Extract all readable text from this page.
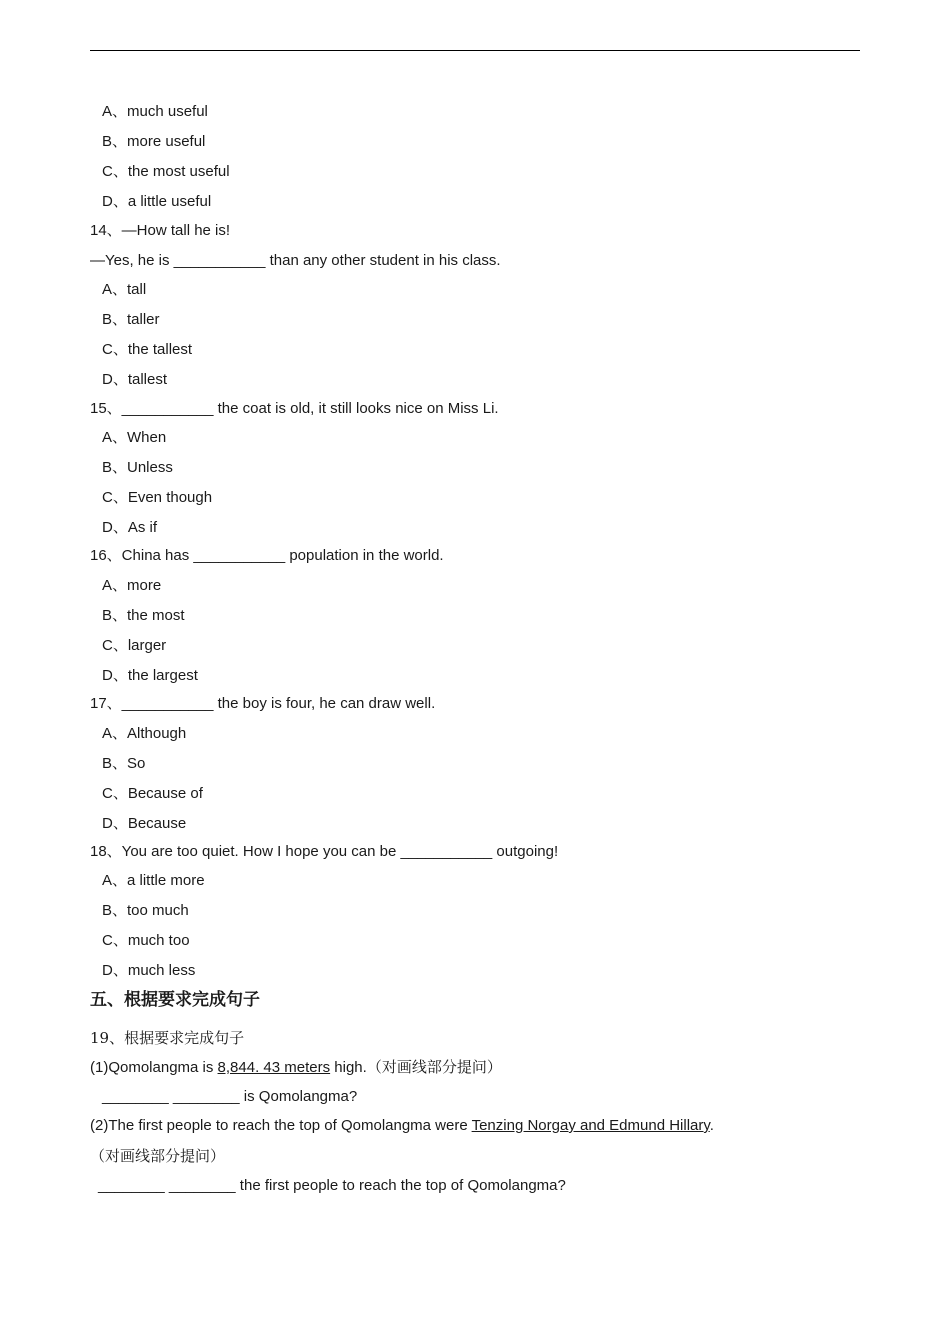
A、much useful
B、more useful
C、the most useful
D、a little useful
14、—How tall he is!
—Yes, he is ___________ than any other student in his class.
A、tall
B、taller
C、the tallest
D、tallest
15、___________ the coat is old, it still looks nice on Miss Li.
A、When
B、Unless
C、Even though
D、As if
16、China has ___________ population in the world.
A、more
B、the most
C、larger
D、the largest
17、___________ the boy is four, he can draw well.
A、Although
B、So
C、Because of
D、Because
18、You are too quiet. How I hope you can be ___________ outgoing!
A、a little more
B、too much
C、much too
D、much less
五、根据要求完成句子
19、根据要求完成句子
(1)Qomolangma is 8,844. 43 meters high.（对画线部分提问）
________ ________ is Qomolangma?
(2)The first people to reach the top of Qomolangma were Tenzing Norgay and Edmund Hillary.
（对画线部分提问）
________ ________ the first people to reach the top of Qomolangma?
